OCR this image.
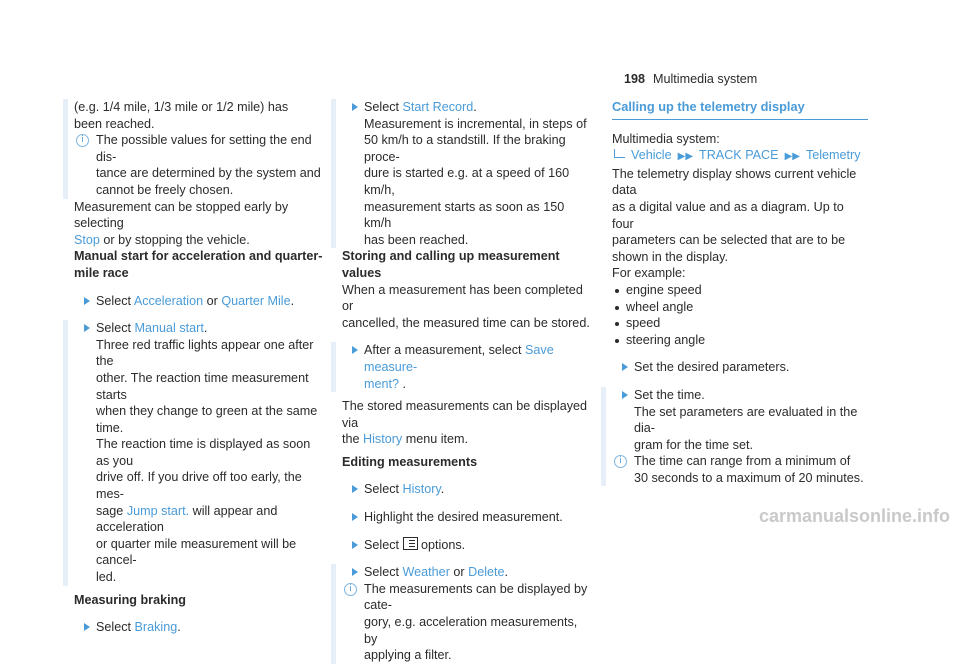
198 Multimedia system

(e.g. 1/4 mile, 1/3 mile or 1/2 mile) has

been reached.

i The possible values for setting the end dis-

tance are determined by the system and

cannot be freely chosen.

Measurement can be stopped early by selecting

Stop or by stopping the vehicle.

Manual start for acceleration and quarter-

mile race

Select Acceleration or Quarter Mile.

Select Manual start.

Three red traffic lights appear one after the

other. The reaction time measurement starts

when they change to green at the same time.

The reaction time is displayed as soon as you

drive off. If you drive off too early, the mes-

sage Jump start. will appear and acceleration

or quarter mile measurement will be cancel-

led.

Measuring braking

Select Braking.

Select Start Record.

Measurement is incremental, in steps of

50 km/h to a standstill. If the braking proce-

dure is started e.g. at a speed of 160 km/h,

measurement starts as soon as 150 km/h

has been reached.

Storing and calling up measurement values

When a measurement has been completed or

cancelled, the measured time can be stored.

After a measurement, select Save measure-

ment? .

The stored measurements can be displayed via

the History menu item.

Editing measurements

Select History.

Highlight the desired measurement.

Select  options.

Select Weather or Delete.

i The measurements can be displayed by cate-

gory, e.g. acceleration measurements, by

applying a filter.

Calling up the telemetry display

Multimedia system:

Vehicle ▶▶ TRACK PACE ▶▶ Telemetry

The telemetry display shows current vehicle data

as a digital value and as a diagram. Up to four

parameters can be selected that are to be

shown in the display.

For example:

engine speed
wheel angle
speed
steering angle

Set the desired parameters.

Set the time.

The set parameters are evaluated in the dia-

gram for the time set.

i The time can range from a minimum of

30 seconds to a maximum of 20 minutes.

carmanualsonline.info
